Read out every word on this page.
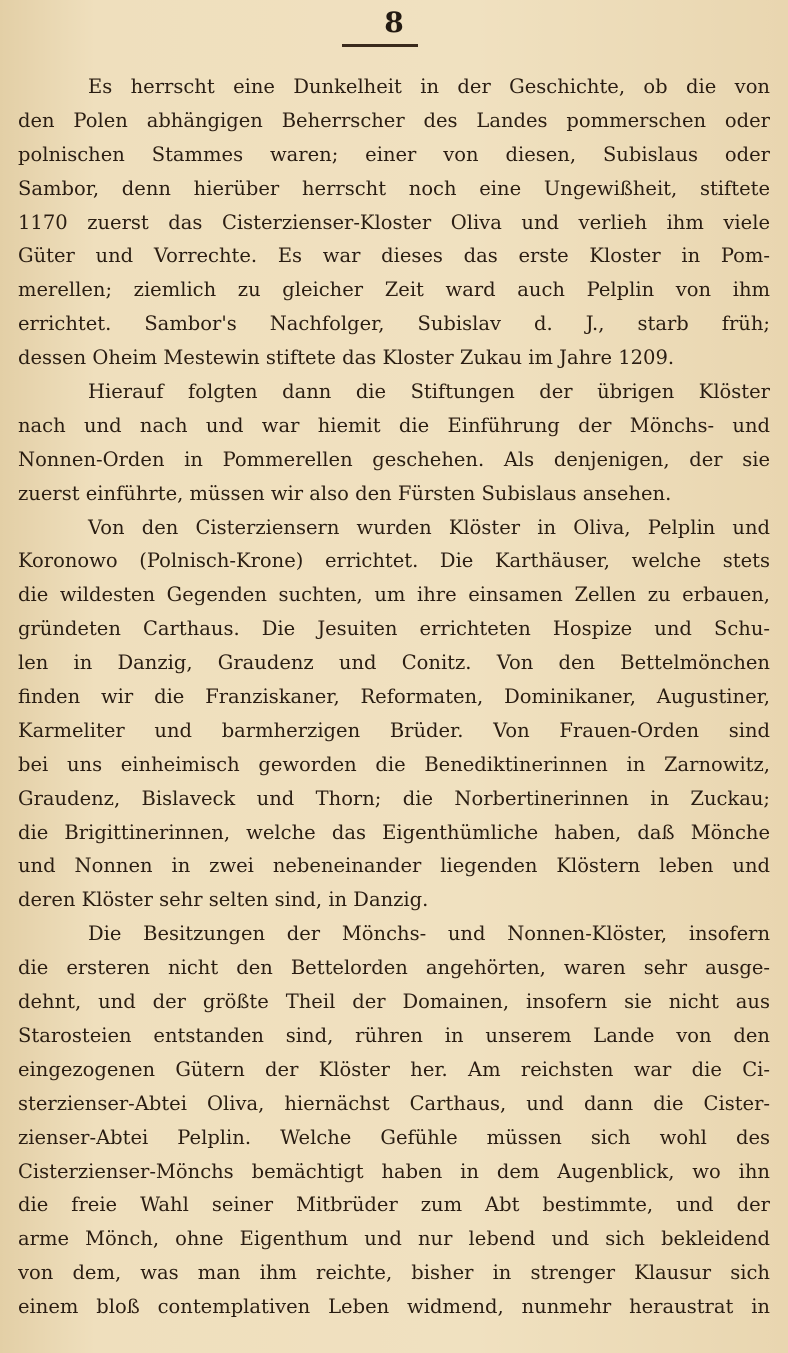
8
Es herrscht eine Dunkelheit in der Geschichte, ob die von
den Polen abhängigen Beherrscher des Landes pommerschen oder
polnischen Stammes waren; einer von diesen, Subislaus oder
Sambor, denn hierüber herrscht noch eine Ungewißheit, stiftete
1170 zuerst das Cisterzienser-Kloster Oliva und verlieh ihm viele
Güter und Vorrechte. Es war dieses das erste Kloster in Pom-
merellen; ziemlich zu gleicher Zeit ward auch Pelplin von ihm
errichtet. Sambor's Nachfolger, Subislav d. J., starb früh;
dessen Oheim Mestewin stiftete das Kloster Zukau im Jahre 1209.
Hierauf folgten dann die Stiftungen der übrigen Klöster
nach und nach und war hiemit die Einführung der Mönchs- und
Nonnen-Orden in Pommerellen geschehen. Als denjenigen, der sie
zuerst einführte, müssen wir also den Fürsten Subislaus ansehen.
Von den Cisterziensern wurden Klöster in Oliva, Pelplin und
Koronowo (Polnisch-Krone) errichtet. Die Karthäuser, welche stets
die wildesten Gegenden suchten, um ihre einsamen Zellen zu erbauen,
gründeten Carthaus. Die Jesuiten errichteten Hospize und Schu-
len in Danzig, Graudenz und Conitz. Von den Bettelmönchen
finden wir die Franziskaner, Reformaten, Dominikaner, Augustiner,
Karmeliter und barmherzigen Brüder. Von Frauen-Orden sind
bei uns einheimisch geworden die Benediktinerinnen in Zarnowitz,
Graudenz, Bislaveck und Thorn; die Norbertinerinnen in Zuckau;
die Brigittinerinnen, welche das Eigenthümliche haben, daß Mönche
und Nonnen in zwei nebeneinander liegenden Klöstern leben und
deren Klöster sehr selten sind, in Danzig.
Die Besitzungen der Mönchs- und Nonnen-Klöster, insofern
die ersteren nicht den Bettelorden angehörten, waren sehr ausge-
dehnt, und der größte Theil der Domainen, insofern sie nicht aus
Starosteien entstanden sind, rühren in unserem Lande von den
eingezogenen Gütern der Klöster her. Am reichsten war die Ci-
sterzienser-Abtei Oliva, hiernächst Carthaus, und dann die Cister-
zienser-Abtei Pelplin. Welche Gefühle müssen sich wohl des
Cisterzienser-Mönchs bemächtigt haben in dem Augenblick, wo ihn
die freie Wahl seiner Mitbrüder zum Abt bestimmte, und der
arme Mönch, ohne Eigenthum und nur lebend und sich bekleidend
von dem, was man ihm reichte, bisher in strenger Klausur sich
einem bloß contemplativen Leben widmend, nunmehr heraustrat in
